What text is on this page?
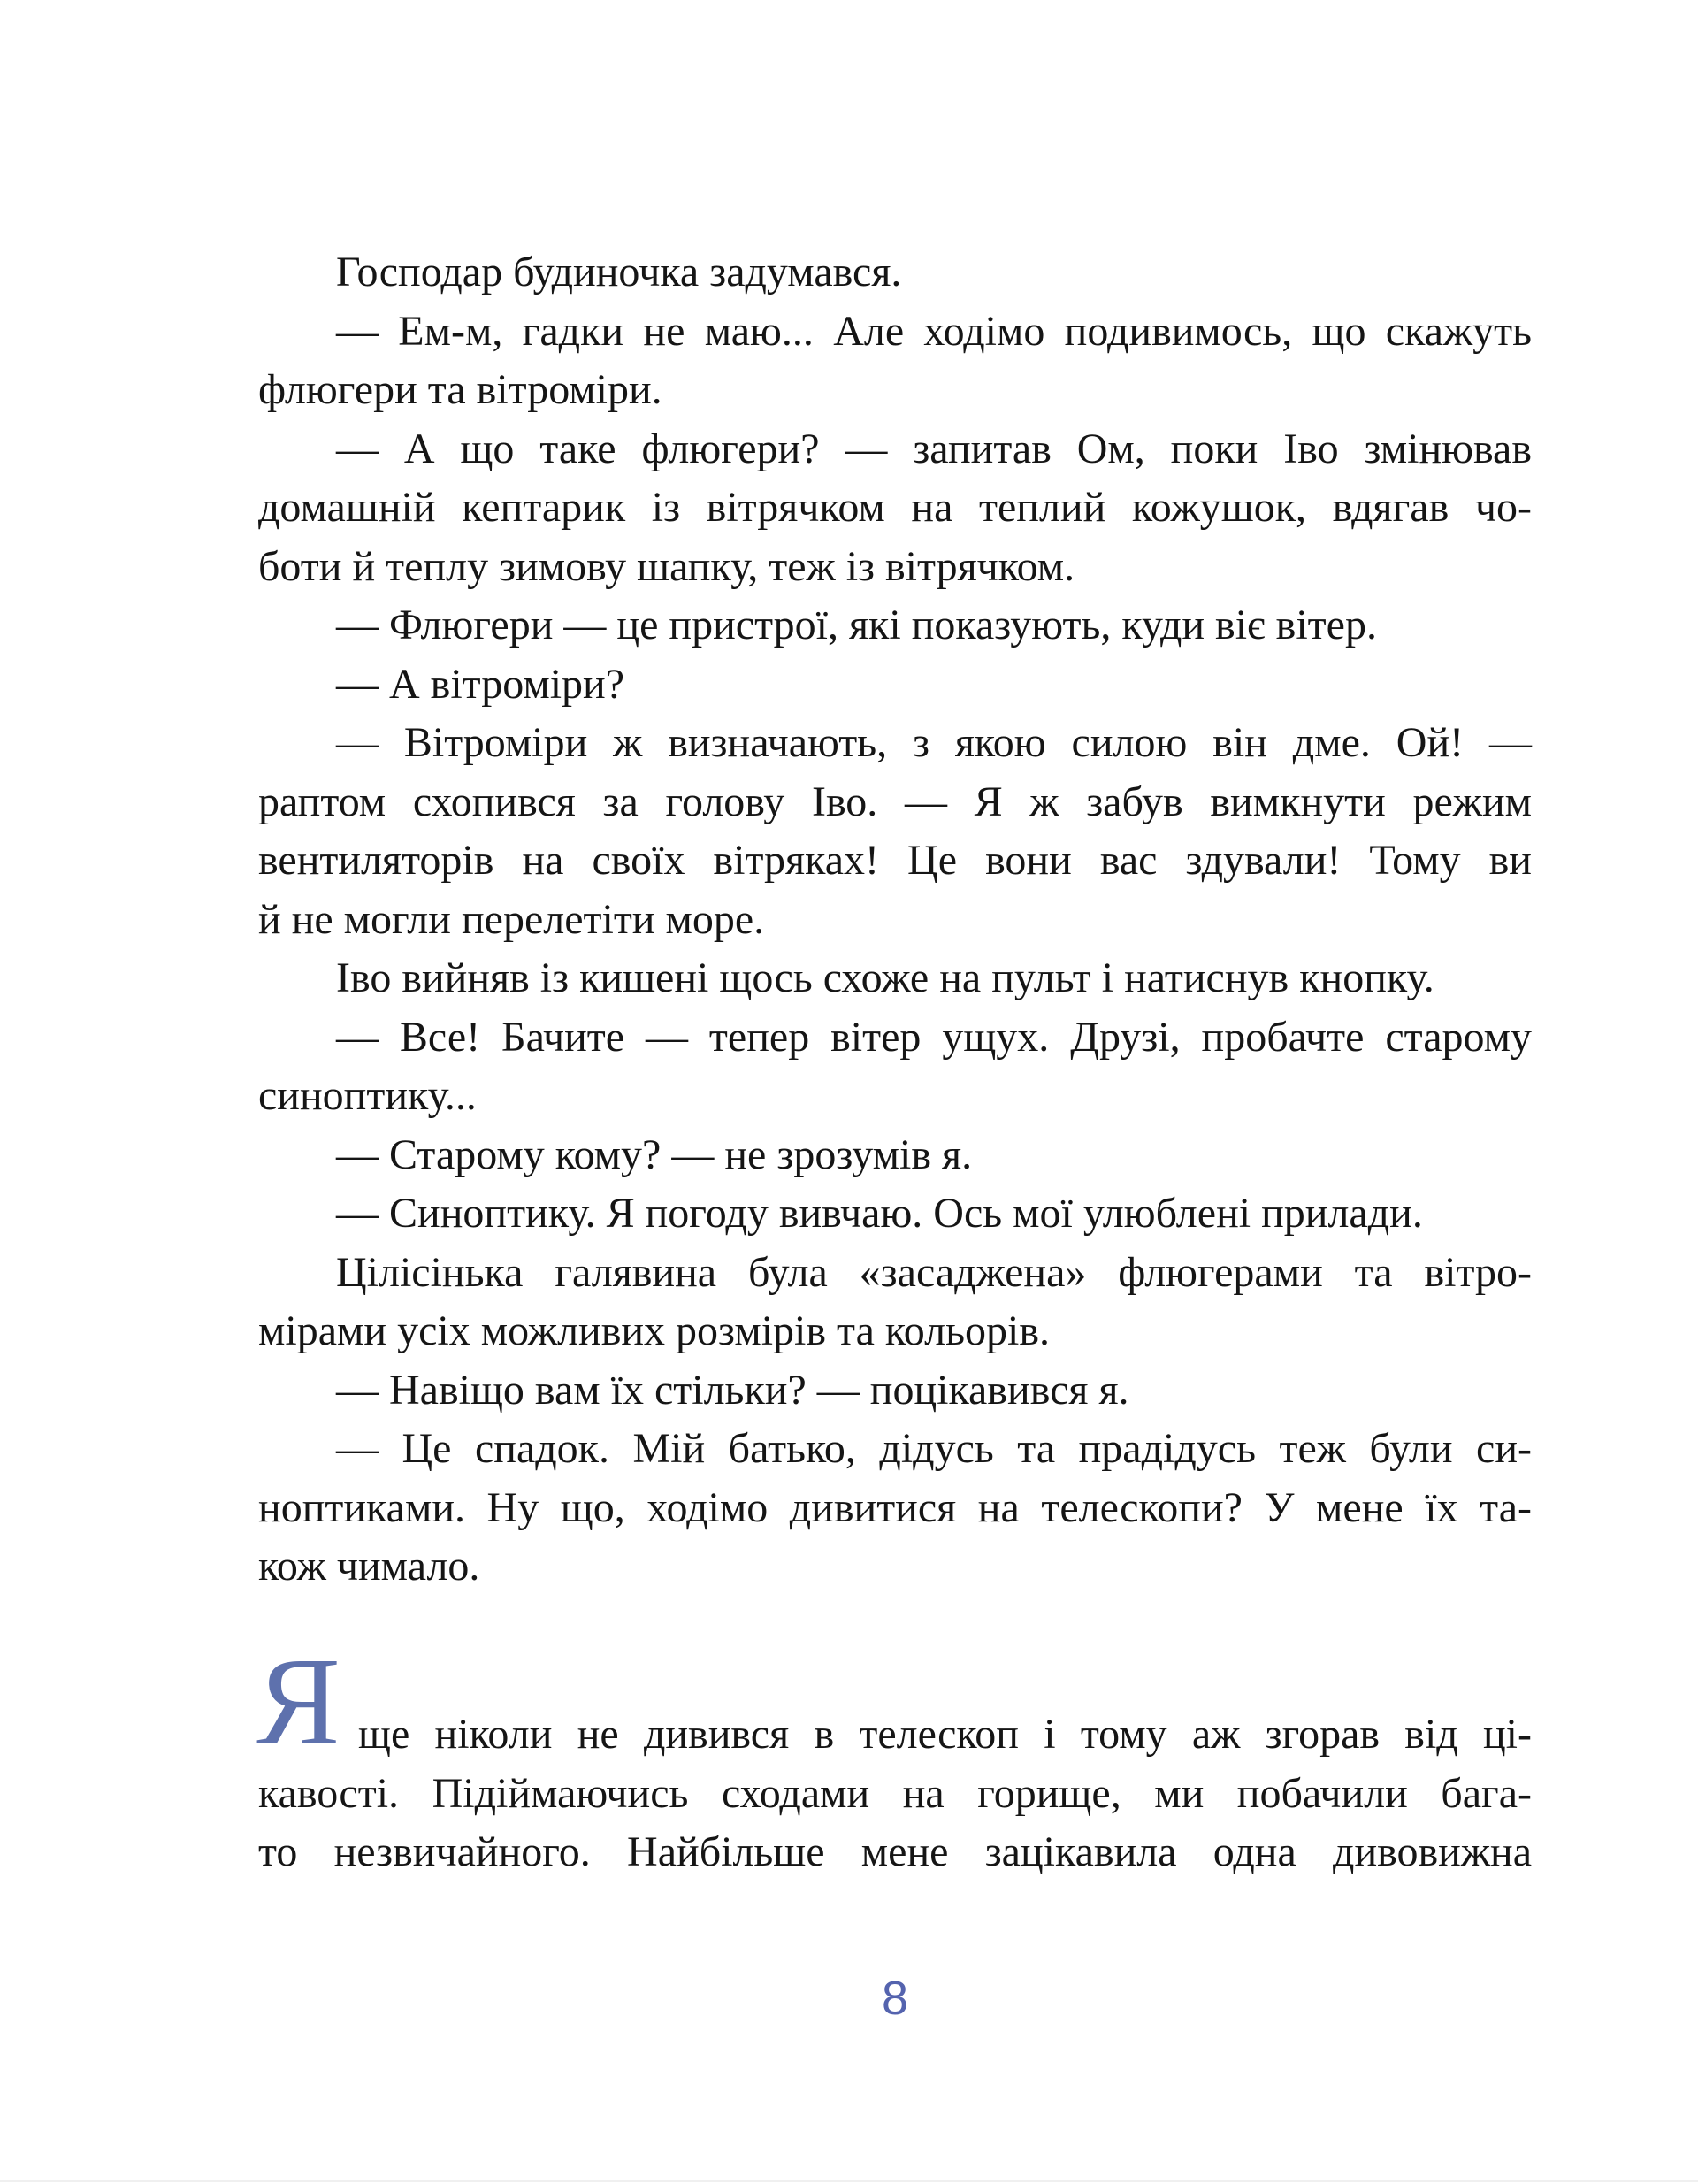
Господар будиночка задумався.
— Ем-м, гадки не маю... Але ходімо подивимось, що скажуть
флюгери та вітроміри.
— А що таке флюгери? — запитав Ом, поки Іво змінював
домашній кептарик із вітрячком на теплий кожушок, вдягав чо-
боти й теплу зимову шапку, теж із вітрячком.
— Флюгери — це пристрої, які показують, куди віє вітер.
— А вітроміри?
— Вітроміри ж визначають, з якою силою він дме. Ой! —
раптом схопився за голову Іво. — Я ж забув вимкнути режим
вентиляторів на своїх вітряках! Це вони вас здували! Тому ви
й не могли перелетіти море.
Іво вийняв із кишені щось схоже на пульт і натиснув кнопку.
— Все! Бачите — тепер вітер ущух. Друзі, пробачте старому
синоптику...
— Старому кому? — не зрозумів я.
— Синоптику. Я погоду вивчаю. Ось мої улюблені прилади.
Цілісінька галявина була «засаджена» флюгерами та вітро-
мірами усіх можливих розмірів та кольорів.
— Навіщо вам їх стільки? — поцікавився я.
— Це спадок. Мій батько, дідусь та прадідусь теж були си-
ноптиками. Ну що, ходімо дивитися на телескопи? У мене їх та-
кож чимало.
Я ще ніколи не дивився в телескоп і тому аж згорав від ці-
кавості. Підіймаючись сходами на горище, ми побачили бага-
то незвичайного. Найбільше мене зацікавила одна дивовижна
8
